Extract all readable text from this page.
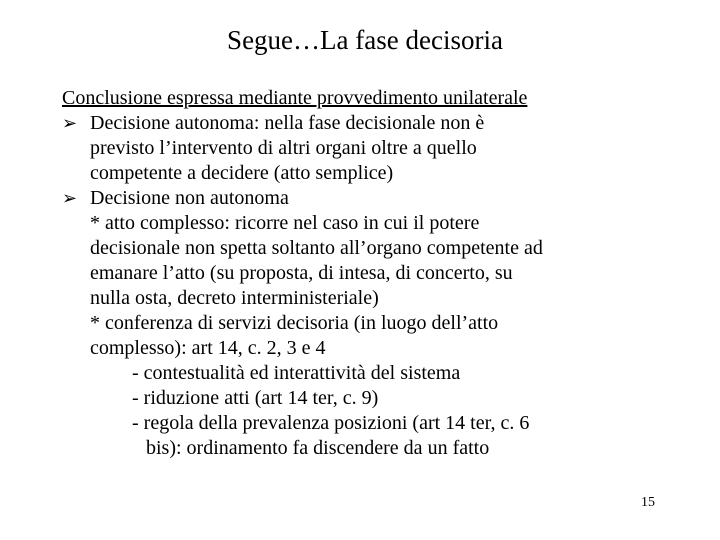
Segue…La fase decisoria
Conclusione espressa mediante provvedimento unilaterale
➢ Decisione autonoma: nella fase decisionale non è
previsto l’intervento di altri organi oltre a quello
competente a decidere (atto semplice)
➢ Decisione non autonoma
* atto complesso: ricorre nel caso in cui il potere
decisionale non spetta soltanto all’organo competente ad
emanare l’atto (su proposta, di intesa, di concerto, su
nulla osta, decreto interministeriale)
* conferenza di servizi decisoria (in luogo dell’atto
complesso): art 14, c. 2, 3 e 4
- contestualità ed interattività del sistema
- riduzione atti (art 14 ter, c. 9)
- regola della prevalenza posizioni (art 14 ter, c. 6
bis): ordinamento fa discendere da un fatto
15
